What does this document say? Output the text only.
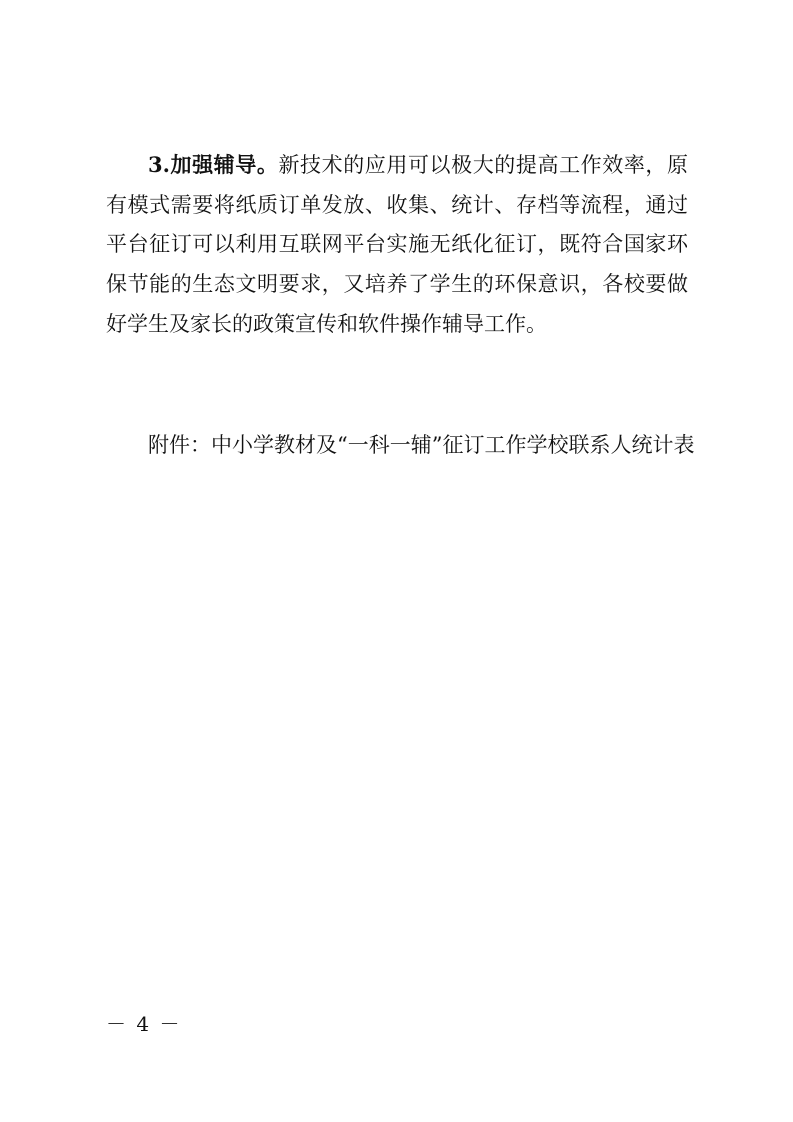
3.加强辅导。新技术的应用可以极大的提高工作效率，原
有模式需要将纸质订单发放、收集、统计、存档等流程，通过
平台征订可以利用互联网平台实施无纸化征订，既符合国家环
保节能的生态文明要求，又培养了学生的环保意识，各校要做
好学生及家长的政策宣传和软件操作辅导工作。
附件：中小学教材及“一科一辅”征订工作学校联系人统计表
－ 4 －
